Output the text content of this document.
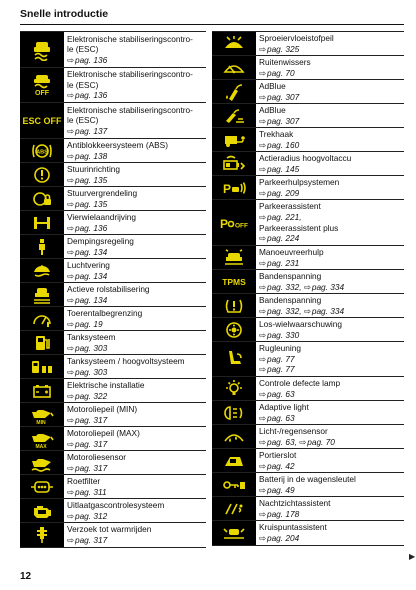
Snelle introductie
Elektronische stabiliseringscontro-
le (ESC)
⇨pag. 136
OFF
Elektronische stabiliseringscontro-
le (ESC)
⇨pag. 136
ESC OFF
Elektronische stabiliseringscontro-
le (ESC)
⇨pag. 137
ABS
Antiblokkeersysteem (ABS)
⇨pag. 138
Stuurinrichting
⇨pag. 135
Stuurvergrendeling
⇨pag. 135
Vierwielaandrijving
⇨pag. 136
Dempingsregeling
⇨pag. 134
Luchtvering
⇨pag. 134
Actieve rolstabilisering
⇨pag. 134
Toerentalbegrenzing
⇨pag. 19
Tanksysteem
⇨pag. 303
Tanksysteem / hoogvoltsysteem
⇨pag. 303
Elektrische installatie
⇨pag. 322
MIN
Motoroliepeil (MIN)
⇨pag. 317
MAX
Motoroliepeil (MAX)
⇨pag. 317
Motoroliesensor
⇨pag. 317
Roetfilter
⇨pag. 311
Uitlaatgascontrolesysteem
⇨pag. 312
Verzoek tot warmrijden
⇨pag. 317
Sproeiervloeistofpeil
⇨pag. 325
Ruitenwissers
⇨pag. 70
AdBlue
⇨pag. 307
AdBlue
⇨pag. 307
Trekhaak
⇨pag. 160
Actieradius hoogvoltaccu
⇨pag. 145
P	Parkeerhulpsystemen
⇨pag. 209
P OFF
Parkeerassistent
⇨pag. 221,
Parkeerassistent plus
⇨pag. 224
Manoeuvreerhulp
⇨pag. 231
TPMS
Bandenspanning
⇨pag. 332, ⇨pag. 334
Bandenspanning
⇨pag. 332, ⇨pag. 334
Los-wielwaarschuwing
⇨pag. 330
Rugleuning
⇨pag. 77
⇨pag. 77
Controle defecte lamp
⇨pag. 63
Adaptive light
⇨pag. 63
Licht-/regensensor
⇨pag. 63, ⇨pag. 70
Portierslot
⇨pag. 42
Batterij in de wagensleutel
⇨pag. 49
Nachtzichtassistent
⇨pag. 178
Kruispuntassistent
⇨pag. 204
12
▶
